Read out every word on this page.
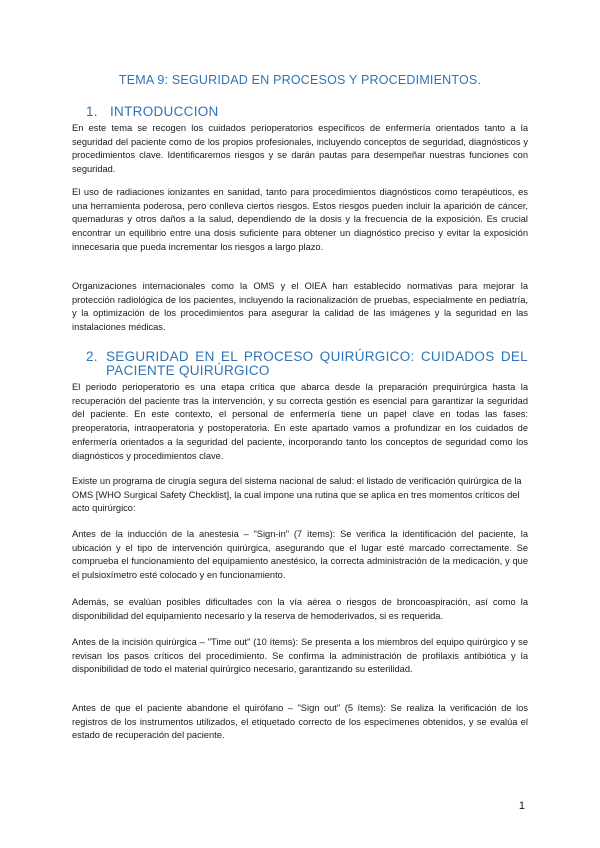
TEMA 9: SEGURIDAD EN PROCESOS Y PROCEDIMIENTOS.
1. INTRODUCCION

En este tema se recogen los cuidados perioperatorios específicos de enfermería orientados tanto a la seguridad del paciente como de los propios profesionales, incluyendo conceptos de seguridad, diagnósticos y procedimientos clave. Identificaremos riesgos y se darán pautas para desempeñar nuestras funciones con seguridad.

El uso de radiaciones ionizantes en sanidad, tanto para procedimientos diagnósticos como terapéuticos, es una herramienta poderosa, pero conlleva ciertos riesgos. Estos riesgos pueden incluir la aparición de cáncer, quemaduras y otros daños a la salud, dependiendo de la dosis y la frecuencia de la exposición. Es crucial encontrar un equilibrio entre una dosis suficiente para obtener un diagnóstico preciso y evitar la exposición innecesaria que pueda incrementar los riesgos a largo plazo.

Organizaciones internacionales como la OMS y el OIEA han establecido normativas para mejorar la protección radiológica de los pacientes, incluyendo la racionalización de pruebas, especialmente en pediatría, y la optimización de los procedimientos para asegurar la calidad de las imágenes y la seguridad en las instalaciones médicas.

2. SEGURIDAD EN EL PROCESO QUIRÚRGICO: CUIDADOS DEL
PACIENTE QUIRÚRGICO

El periodo perioperatorio es una etapa crítica que abarca desde la preparación prequirúrgica hasta la recuperación del paciente tras la intervención, y su correcta gestión es esencial para garantizar la seguridad del paciente. En este contexto, el personal de enfermería tiene un papel clave en todas las fases: preoperatoria, intraoperatoria y postoperatoria. En este apartado vamos a profundizar en los cuidados de enfermería orientados a la seguridad del paciente, incorporando tanto los conceptos de seguridad como los diagnósticos y procedimientos clave.

Existe un programa de cirugía segura del sistema nacional de salud: el listado de verificación quirúrgica de la OMS [WHO Surgical Safety Checklist], la cual impone una rutina que se aplica en tres momentos críticos del acto quirúrgico:

Antes de la inducción de la anestesia – "Sign-in" (7 ítems): Se verifica la identificación del paciente, la ubicación y el tipo de intervención quirúrgica, asegurando que el lugar esté marcado correctamente. Se comprueba el funcionamiento del equipamiento anestésico, la correcta administración de la medicación, y que el pulsioxímetro esté colocado y en funcionamiento.

Además, se evalúan posibles dificultades con la vía aérea o riesgos de broncoaspiración, así como la disponibilidad del equipamiento necesario y la reserva de hemoderivados, si es requerida.

Antes de la incisión quirúrgica – "Time out" (10 ítems): Se presenta a los miembros del equipo quirúrgico y se revisan los pasos críticos del procedimiento. Se confirma la administración de profilaxis antibiótica y la disponibilidad de todo el material quirúrgico necesario, garantizando su esterilidad.

Antes de que el paciente abandone el quirófano – "Sign out" (5 ítems): Se realiza la verificación de los registros de los instrumentos utilizados, el etiquetado correcto de los especímenes obtenidos, y se evalúa el estado de recuperación del paciente.

1
